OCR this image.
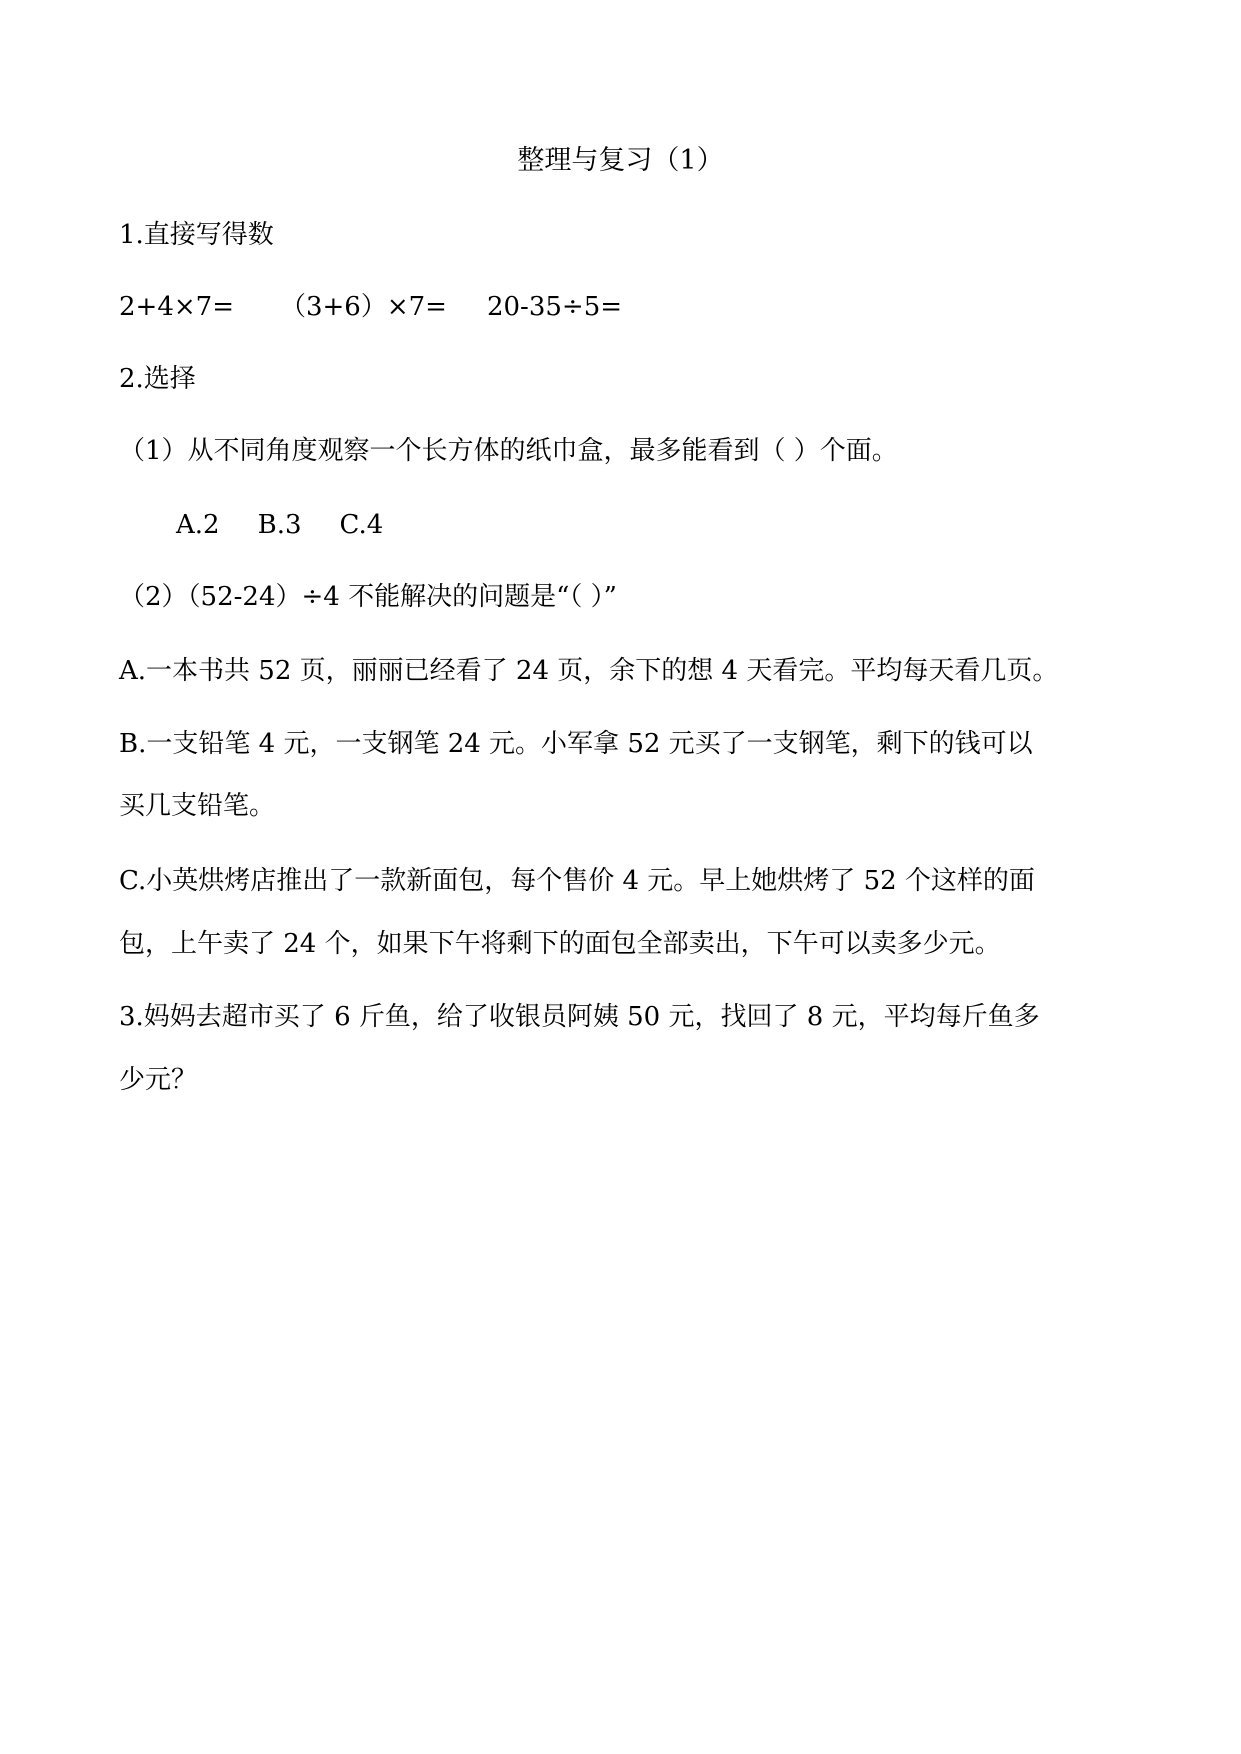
整理与复习（1）
1.直接写得数
2+4×7= （3+6）×7= 20-35÷5=
2.选择
（1）从不同角度观察一个长方体的纸巾盒，最多能看到（ ）个面。
A.2 B.3 C.4
（2）（52-24）÷4 不能解决的问题是“（ ）”
A.一本书共 52 页，丽丽已经看了 24 页，余下的想 4 天看完。平均每天看几页。
B.一支铅笔 4 元，一支钢笔 24 元。小军拿 52 元买了一支钢笔，剩下的钱可以
买几支铅笔。
C.小英烘烤店推出了一款新面包，每个售价 4 元。早上她烘烤了 52 个这样的面
包，上午卖了 24 个，如果下午将剩下的面包全部卖出，下午可以卖多少元。
3.妈妈去超市买了 6 斤鱼，给了收银员阿姨 50 元，找回了 8 元，平均每斤鱼多
少元？
